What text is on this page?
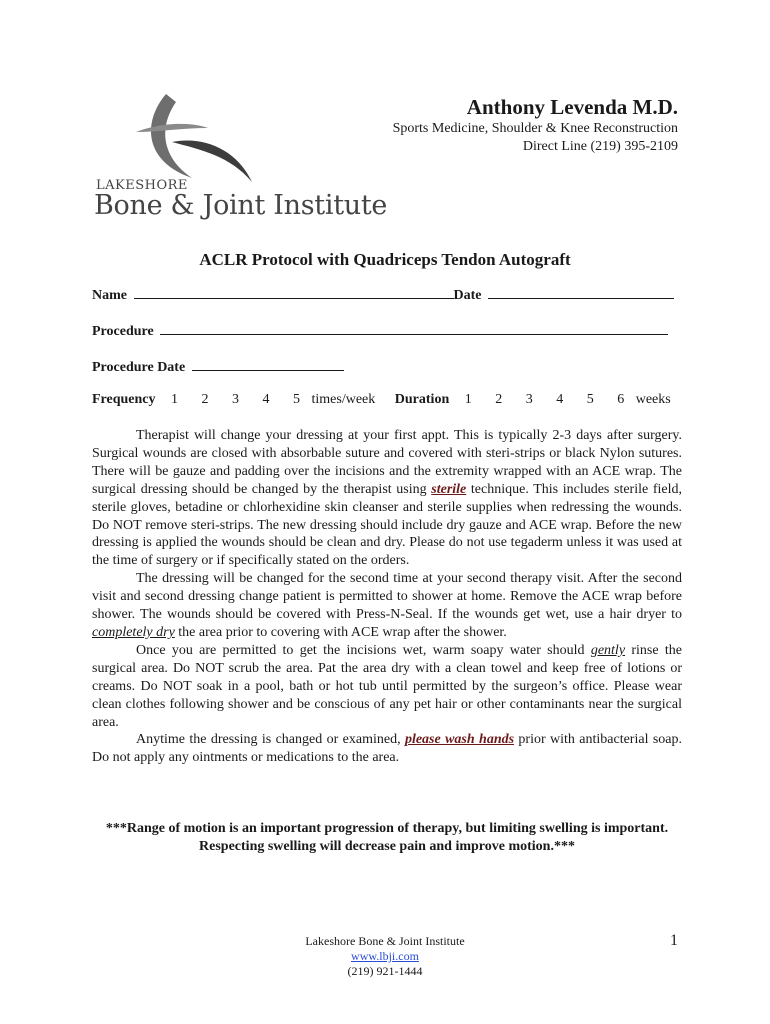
LAKESHORE
Bone & Joint Institute
Anthony Levenda M.D.
Sports Medicine, Shoulder & Knee Reconstruction
Direct Line (219) 395-2109
ACLR Protocol with Quadriceps Tendon Autograft
Name	Date
Procedure
Procedure Date
Frequency 1 2 3 4 5 times/week Duration 1 2 3 4 5 6 weeks

Therapist will change your dressing at your first appt. This is typically 2-3 days after surgery. Surgical wounds are closed with absorbable suture and covered with steri-strips or black Nylon sutures. There will be gauze and padding over the incisions and the extremity wrapped with an ACE wrap. The surgical dressing should be changed by the therapist using sterile technique. This includes sterile field, sterile gloves, betadine or chlorhexidine skin cleanser and sterile supplies when redressing the wounds. Do NOT remove steri-strips. The new dressing should include dry gauze and ACE wrap. Before the new dressing is applied the wounds should be clean and dry. Please do not use tegaderm unless it was used at the time of surgery or if specifically stated on the orders.

The dressing will be changed for the second time at your second therapy visit. After the second visit and second dressing change patient is permitted to shower at home. Remove the ACE wrap before shower. The wounds should be covered with Press-N-Seal. If the wounds get wet, use a hair dryer to completely dry the area prior to covering with ACE wrap after the shower.

Once you are permitted to get the incisions wet, warm soapy water should gently rinse the surgical area. Do NOT scrub the area. Pat the area dry with a clean towel and keep free of lotions or creams. Do NOT soak in a pool, bath or hot tub until permitted by the surgeon’s office. Please wear clean clothes following shower and be conscious of any pet hair or other contaminants near the surgical area.

Anytime the dressing is changed or examined, please wash hands prior with antibacterial soap. Do not apply any ointments or medications to the area.

***Range of motion is an important progression of therapy, but limiting swelling is important. Respecting swelling will decrease pain and improve motion.***
Lakeshore Bone & Joint Institute
www.lbji.com
(219) 921-1444
1
